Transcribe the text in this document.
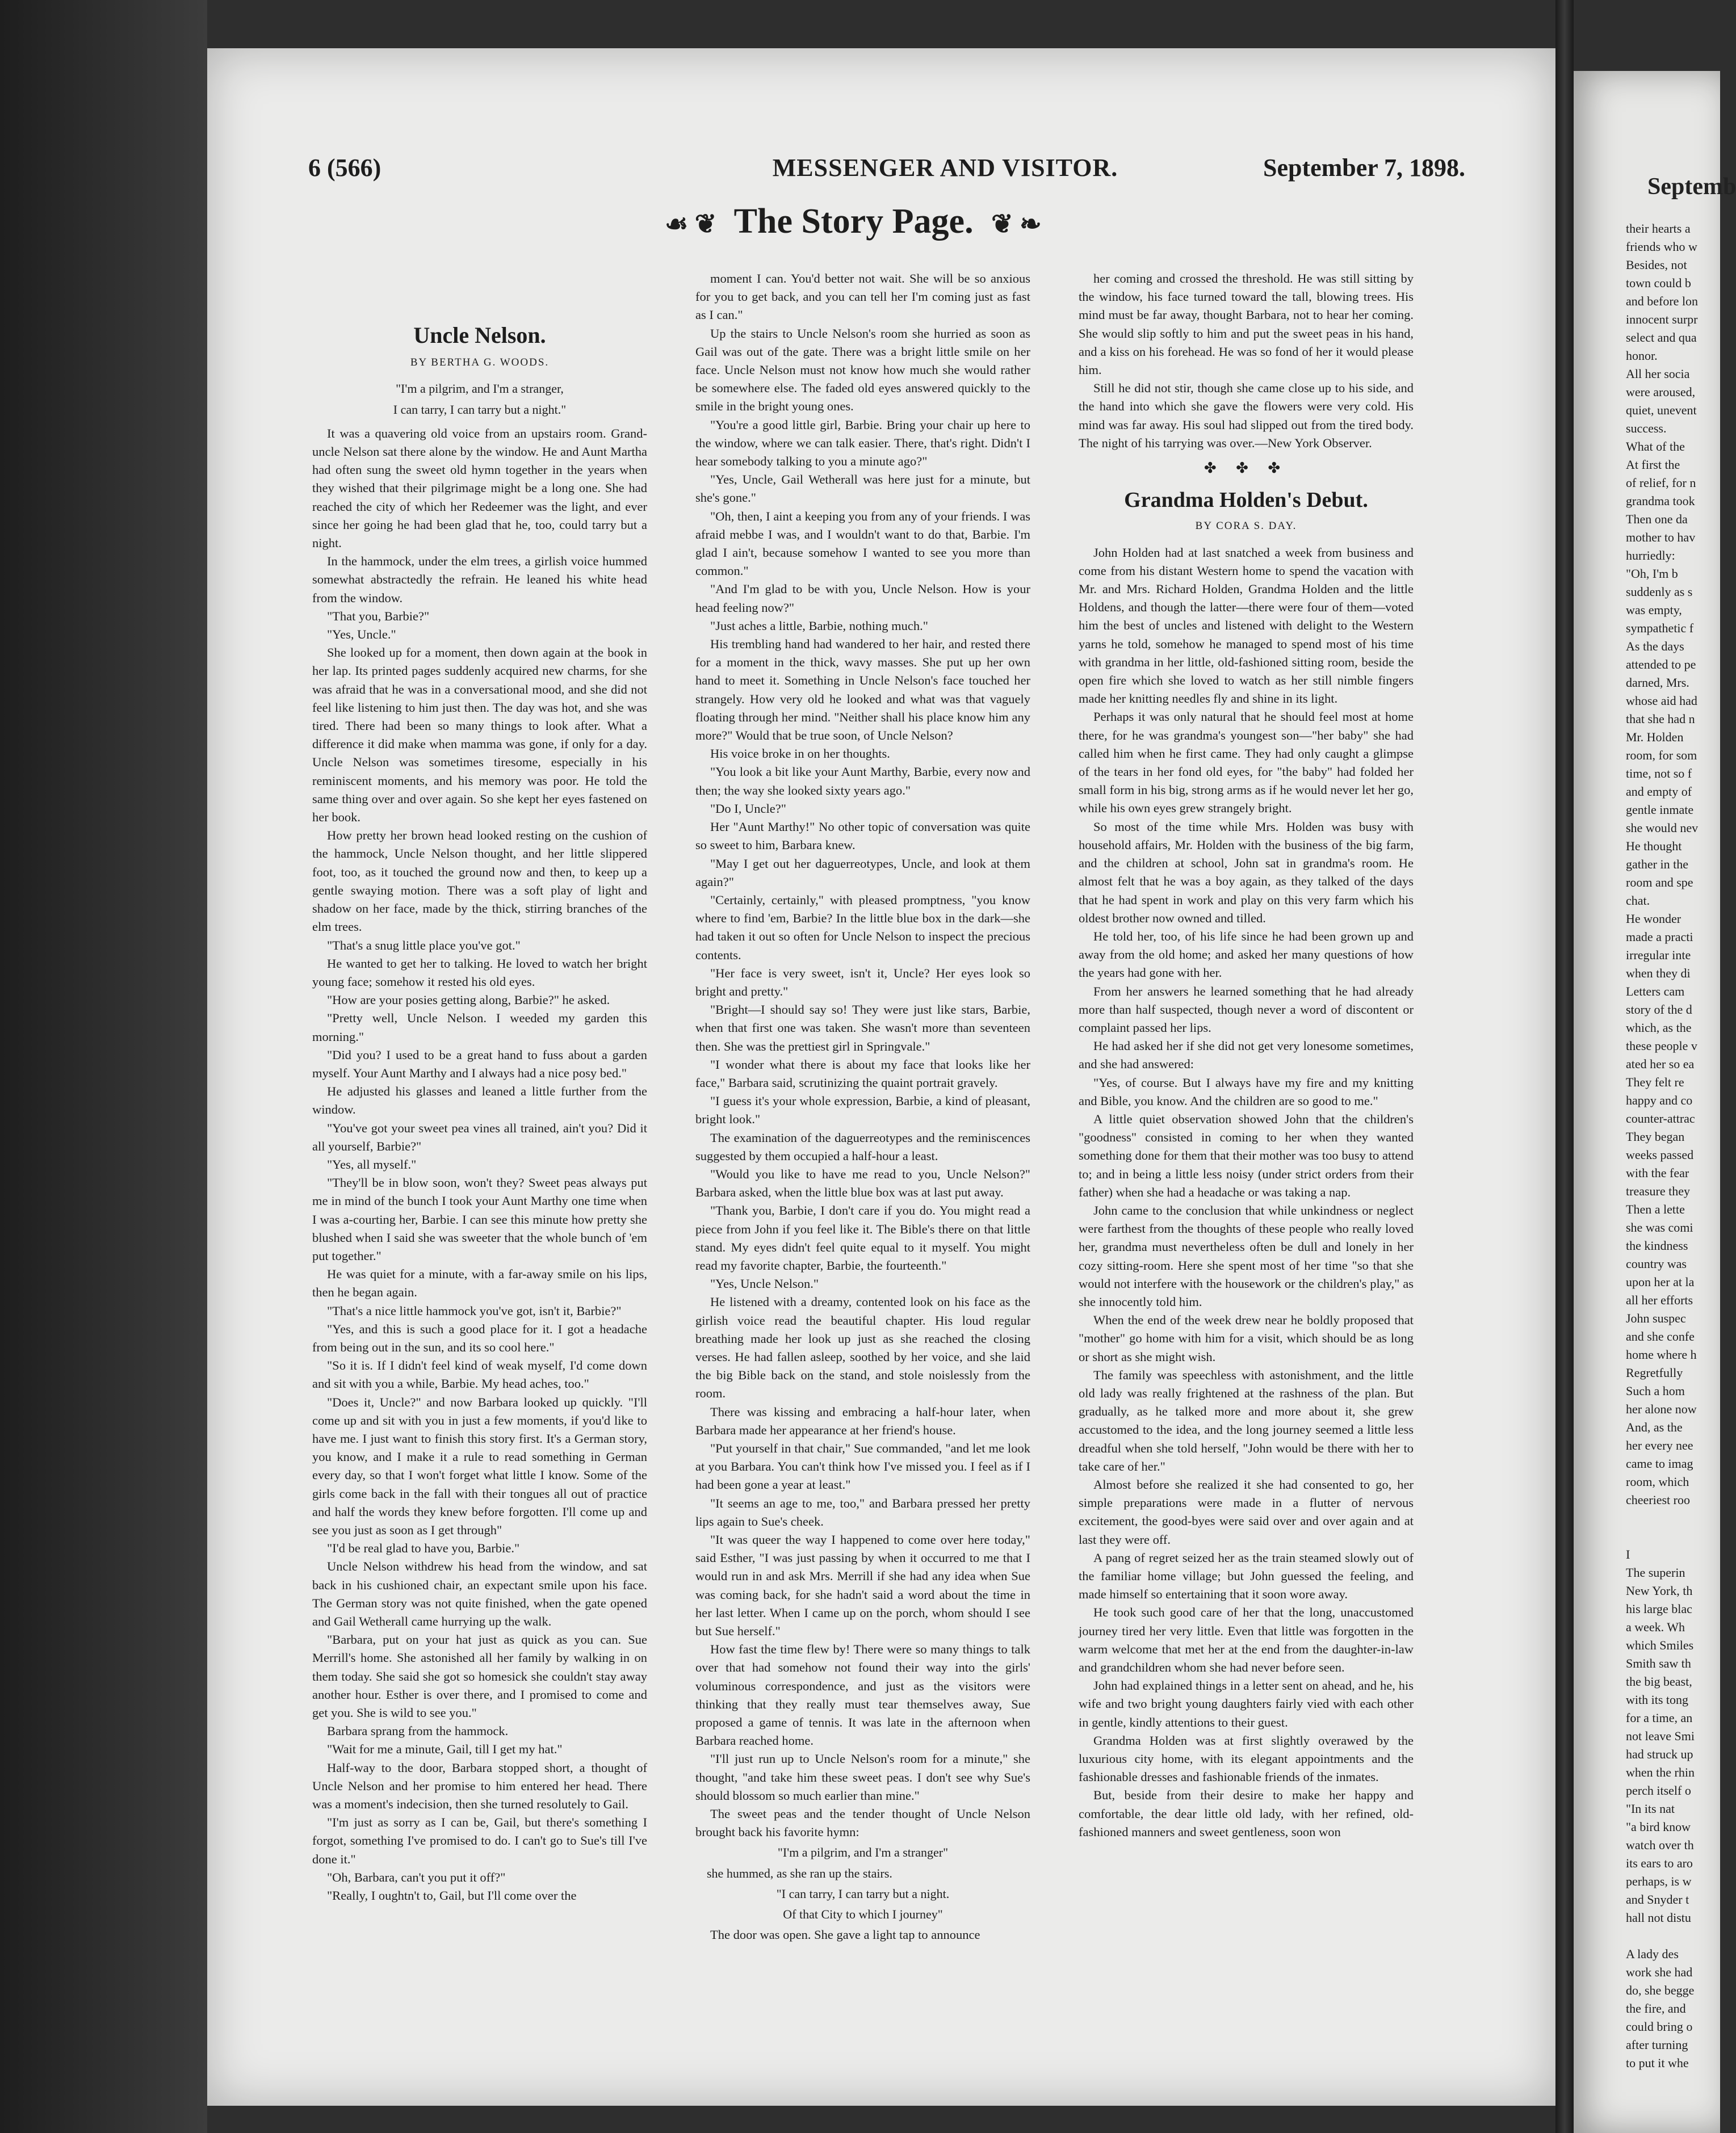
6 (566)	MESSENGER AND VISITOR.	September 7, 1898.
☙ ❦ The Story Page. ❦ ❧
Uncle Nelson.
BY BERTHA G. WOODS.
"I'm a pilgrim, and I'm a stranger,
I can tarry, I can tarry but a night."

It was a quavering old voice from an upstairs room. Grand-uncle Nelson sat there alone by the window. He and Aunt Martha had often sung the sweet old hymn together in the years when they wished that their pilgrimage might be a long one. She had reached the city of which her Redeemer was the light, and ever since her going he had been glad that he, too, could tarry but a night.

In the hammock, under the elm trees, a girlish voice hummed somewhat abstractedly the refrain. He leaned his white head from the window.

"That you, Barbie?"

"Yes, Uncle."

She looked up for a moment, then down again at the book in her lap. Its printed pages suddenly acquired new charms, for she was afraid that he was in a conversational mood, and she did not feel like listening to him just then. The day was hot, and she was tired. There had been so many things to look after. What a difference it did make when mamma was gone, if only for a day. Uncle Nelson was sometimes tiresome, especially in his reminiscent moments, and his memory was poor. He told the same thing over and over again. So she kept her eyes fastened on her book.

How pretty her brown head looked resting on the cushion of the hammock, Uncle Nelson thought, and her little slippered foot, too, as it touched the ground now and then, to keep up a gentle swaying motion. There was a soft play of light and shadow on her face, made by the thick, stirring branches of the elm trees.

"That's a snug little place you've got."

He wanted to get her to talking. He loved to watch her bright young face; somehow it rested his old eyes.

"How are your posies getting along, Barbie?" he asked.

"Pretty well, Uncle Nelson. I weeded my garden this morning."

"Did you? I used to be a great hand to fuss about a garden myself. Your Aunt Marthy and I always had a nice posy bed."

He adjusted his glasses and leaned a little further from the window.

"You've got your sweet pea vines all trained, ain't you? Did it all yourself, Barbie?"

"Yes, all myself."

"They'll be in blow soon, won't they? Sweet peas always put me in mind of the bunch I took your Aunt Marthy one time when I was a-courting her, Barbie. I can see this minute how pretty she blushed when I said she was sweeter that the whole bunch of 'em put together."

He was quiet for a minute, with a far-away smile on his lips, then he began again.

"That's a nice little hammock you've got, isn't it, Barbie?"

"Yes, and this is such a good place for it. I got a headache from being out in the sun, and its so cool here."

"So it is. If I didn't feel kind of weak myself, I'd come down and sit with you a while, Barbie. My head aches, too."

"Does it, Uncle?" and now Barbara looked up quickly. "I'll come up and sit with you in just a few moments, if you'd like to have me. I just want to finish this story first. It's a German story, you know, and I make it a rule to read something in German every day, so that I won't forget what little I know. Some of the girls come back in the fall with their tongues all out of practice and half the words they knew before forgotten. I'll come up and see you just as soon as I get through"

"I'd be real glad to have you, Barbie."

Uncle Nelson withdrew his head from the window, and sat back in his cushioned chair, an expectant smile upon his face. The German story was not quite finished, when the gate opened and Gail Wetherall came hurrying up the walk.

"Barbara, put on your hat just as quick as you can. Sue Merrill's home. She astonished all her family by walking in on them today. She said she got so homesick she couldn't stay away another hour. Esther is over there, and I promised to come and get you. She is wild to see you."

Barbara sprang from the hammock.

"Wait for me a minute, Gail, till I get my hat."

Half-way to the door, Barbara stopped short, a thought of Uncle Nelson and her promise to him entered her head. There was a moment's indecision, then she turned resolutely to Gail.

"I'm just as sorry as I can be, Gail, but there's something I forgot, something I've promised to do. I can't go to Sue's till I've done it."

"Oh, Barbara, can't you put it off?"

"Really, I oughtn't to, Gail, but I'll come over the

moment I can. You'd better not wait. She will be so anxious for you to get back, and you can tell her I'm coming just as fast as I can."

Up the stairs to Uncle Nelson's room she hurried as soon as Gail was out of the gate. There was a bright little smile on her face. Uncle Nelson must not know how much she would rather be somewhere else. The faded old eyes answered quickly to the smile in the bright young ones.

"You're a good little girl, Barbie. Bring your chair up here to the window, where we can talk easier. There, that's right. Didn't I hear somebody talking to you a minute ago?"

"Yes, Uncle, Gail Wetherall was here just for a minute, but she's gone."

"Oh, then, I aint a keeping you from any of your friends. I was afraid mebbe I was, and I wouldn't want to do that, Barbie. I'm glad I ain't, because somehow I wanted to see you more than common."

"And I'm glad to be with you, Uncle Nelson. How is your head feeling now?"

"Just aches a little, Barbie, nothing much."

His trembling hand had wandered to her hair, and rested there for a moment in the thick, wavy masses. She put up her own hand to meet it. Something in Uncle Nelson's face touched her strangely. How very old he looked and what was that vaguely floating through her mind. "Neither shall his place know him any more?" Would that be true soon, of Uncle Nelson?

His voice broke in on her thoughts.

"You look a bit like your Aunt Marthy, Barbie, every now and then; the way she looked sixty years ago."

"Do I, Uncle?"

Her "Aunt Marthy!" No other topic of conversation was quite so sweet to him, Barbara knew.

"May I get out her daguerreotypes, Uncle, and look at them again?"

"Certainly, certainly," with pleased promptness, "you know where to find 'em, Barbie? In the little blue box in the dark—she had taken it out so often for Uncle Nelson to inspect the precious contents.

"Her face is very sweet, isn't it, Uncle? Her eyes look so bright and pretty."

"Bright—I should say so! They were just like stars, Barbie, when that first one was taken. She wasn't more than seventeen then. She was the prettiest girl in Springvale."

"I wonder what there is about my face that looks like her face," Barbara said, scrutinizing the quaint portrait gravely.

"I guess it's your whole expression, Barbie, a kind of pleasant, bright look."

The examination of the daguerreotypes and the reminiscences suggested by them occupied a half-hour a least.

"Would you like to have me read to you, Uncle Nelson?" Barbara asked, when the little blue box was at last put away.

"Thank you, Barbie, I don't care if you do. You might read a piece from John if you feel like it. The Bible's there on that little stand. My eyes didn't feel quite equal to it myself. You might read my favorite chapter, Barbie, the fourteenth."

"Yes, Uncle Nelson."

He listened with a dreamy, contented look on his face as the girlish voice read the beautiful chapter. His loud regular breathing made her look up just as she reached the closing verses. He had fallen asleep, soothed by her voice, and she laid the big Bible back on the stand, and stole noislessly from the room.

There was kissing and embracing a half-hour later, when Barbara made her appearance at her friend's house.

"Put yourself in that chair," Sue commanded, "and let me look at you Barbara. You can't think how I've missed you. I feel as if I had been gone a year at least."

"It seems an age to me, too," and Barbara pressed her pretty lips again to Sue's cheek.

"It was queer the way I happened to come over here today," said Esther, "I was just passing by when it occurred to me that I would run in and ask Mrs. Merrill if she had any idea when Sue was coming back, for she hadn't said a word about the time in her last letter. When I came up on the porch, whom should I see but Sue herself."

How fast the time flew by! There were so many things to talk over that had somehow not found their way into the girls' voluminous correspondence, and just as the visitors were thinking that they really must tear themselves away, Sue proposed a game of tennis. It was late in the afternoon when Barbara reached home.

"I'll just run up to Uncle Nelson's room for a minute," she thought, "and take him these sweet peas. I don't see why Sue's should blossom so much earlier than mine."

The sweet peas and the tender thought of Uncle Nelson brought back his favorite hymn:

"I'm a pilgrim, and I'm a stranger"
she hummed, as she ran up the stairs.
"I can tarry, I can tarry but a night.
Of that City to which I journey"

The door was open. She gave a light tap to announce

her coming and crossed the threshold. He was still sitting by the window, his face turned toward the tall, blowing trees. His mind must be far away, thought Barbara, not to hear her coming. She would slip softly to him and put the sweet peas in his hand, and a kiss on his forehead. He was so fond of her it would please him.

Still he did not stir, though she came close up to his side, and the hand into which she gave the flowers were very cold. His mind was far away. His soul had slipped out from the tired body. The night of his tarrying was over.—New York Observer.

✤ ✤ ✤
Grandma Holden's Debut.
BY CORA S. DAY.

John Holden had at last snatched a week from business and come from his distant Western home to spend the vacation with Mr. and Mrs. Richard Holden, Grandma Holden and the little Holdens, and though the latter—there were four of them—voted him the best of uncles and listened with delight to the Western yarns he told, somehow he managed to spend most of his time with grandma in her little, old-fashioned sitting room, beside the open fire which she loved to watch as her still nimble fingers made her knitting needles fly and shine in its light.

Perhaps it was only natural that he should feel most at home there, for he was grandma's youngest son—"her baby" she had called him when he first came. They had only caught a glimpse of the tears in her fond old eyes, for "the baby" had folded her small form in his big, strong arms as if he would never let her go, while his own eyes grew strangely bright.

So most of the time while Mrs. Holden was busy with household affairs, Mr. Holden with the business of the big farm, and the children at school, John sat in grandma's room. He almost felt that he was a boy again, as they talked of the days that he had spent in work and play on this very farm which his oldest brother now owned and tilled.

He told her, too, of his life since he had been grown up and away from the old home; and asked her many questions of how the years had gone with her.

From her answers he learned something that he had already more than half suspected, though never a word of discontent or complaint passed her lips.

He had asked her if she did not get very lonesome sometimes, and she had answered:

"Yes, of course. But I always have my fire and my knitting and Bible, you know. And the children are so good to me."

A little quiet observation showed John that the children's "goodness" consisted in coming to her when they wanted something done for them that their mother was too busy to attend to; and in being a little less noisy (under strict orders from their father) when she had a headache or was taking a nap.

John came to the conclusion that while unkindness or neglect were farthest from the thoughts of these people who really loved her, grandma must nevertheless often be dull and lonely in her cozy sitting-room. Here she spent most of her time "so that she would not interfere with the housework or the children's play," as she innocently told him.

When the end of the week drew near he boldly proposed that "mother" go home with him for a visit, which should be as long or short as she might wish.

The family was speechless with astonishment, and the little old lady was really frightened at the rashness of the plan. But gradually, as he talked more and more about it, she grew accustomed to the idea, and the long journey seemed a little less dreadful when she told herself, "John would be there with her to take care of her."

Almost before she realized it she had consented to go, her simple preparations were made in a flutter of nervous excitement, the good-byes were said over and over again and at last they were off.

A pang of regret seized her as the train steamed slowly out of the familiar home village; but John guessed the feeling, and made himself so entertaining that it soon wore away.

He took such good care of her that the long, unaccustomed journey tired her very little. Even that little was forgotten in the warm welcome that met her at the end from the daughter-in-law and grandchildren whom she had never before seen.

John had explained things in a letter sent on ahead, and he, his wife and two bright young daughters fairly vied with each other in gentle, kindly attentions to their guest.

Grandma Holden was at first slightly overawed by the luxurious city home, with its elegant appointments and the fashionable dresses and fashionable friends of the inmates.

But, beside from their desire to make her happy and comfortable, the dear little old lady, with her refined, old-fashioned manners and sweet gentleness, soon won

Septemb
their hearts a
friends who w
Besides, not
town could b
and before lon
innocent surpr
select and qua
honor.
All her socia
were aroused,
quiet, unevent
success.
What of the
At first the
of relief, for n
grandma took
Then one da
mother to hav
hurriedly:
"Oh, I'm b
suddenly as s
was empty,
sympathetic f
As the days
attended to pe
darned, Mrs.
whose aid had
that she had n
Mr. Holden
room, for som
time, not so f
and empty of
gentle inmate
she would nev
He thought
gather in the
room and spe
chat.
He wonder
made a practi
irregular inte
when they di
Letters cam
story of the d
which, as the
these people v
ated her so ea
They felt re
happy and co
counter-attrac
They began
weeks passed
with the fear
treasure they
Then a lette
she was comi
the kindness
country was
upon her at la
all her efforts
John suspec
and she confe
home where h
Regretfully
Such a hom
her alone now
And, as the
her every nee
came to imag
room, which
cheeriest roo

I
The superin
New York, th
his large blac
a week. Wh
which Smiles
Smith saw th
the big beast,
with its tong
for a time, an
not leave Smi
had struck up
when the rhin
perch itself o
"In its nat
"a bird know
watch over th
its ears to aro
perhaps, is w
and Snyder t
hall not distu

A lady des
work she had
do, she begge
the fire, and
could bring o
after turning
to put it whe
